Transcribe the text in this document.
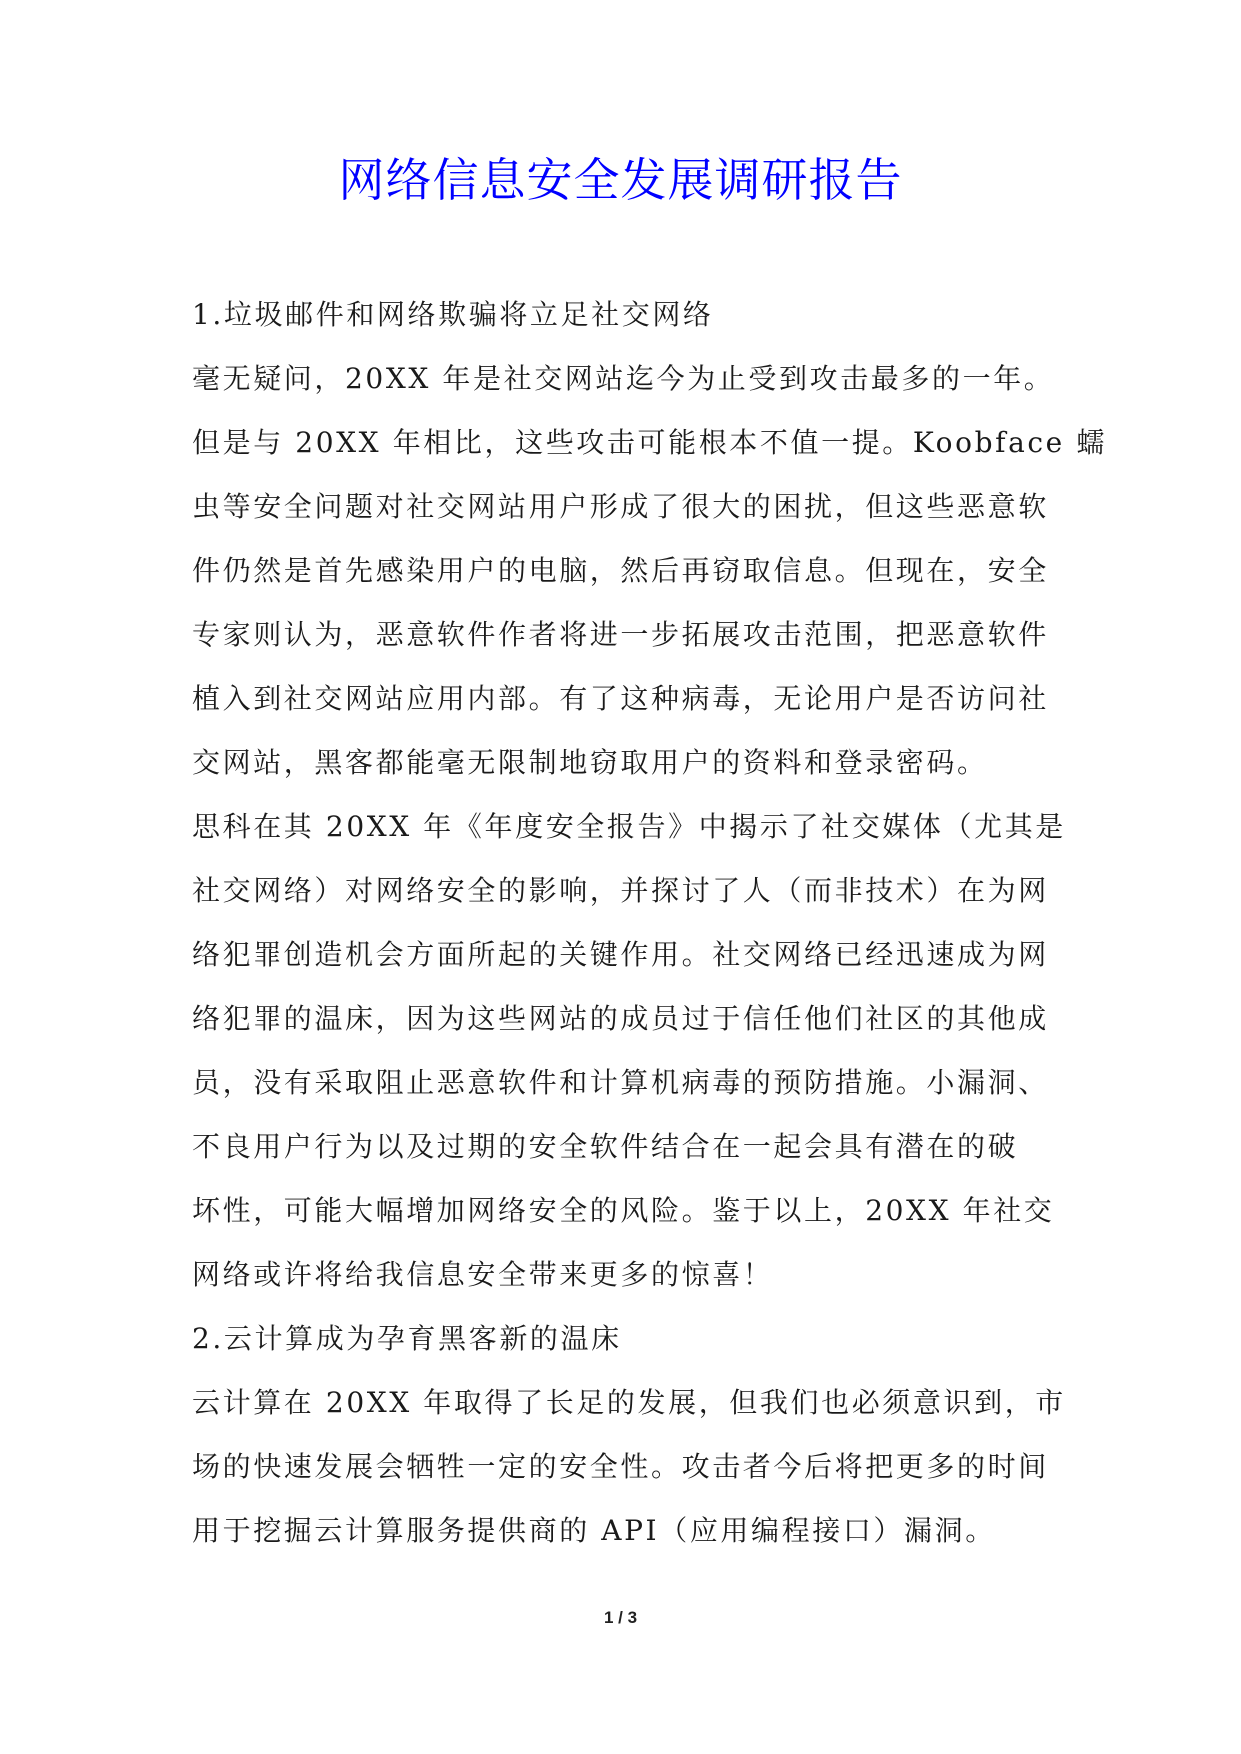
网络信息安全发展调研报告

1.垃圾邮件和网络欺骗将立足社交网络

毫无疑问，20XX 年是社交网站迄今为止受到攻击最多的一年。

但是与 20XX 年相比，这些攻击可能根本不值一提。Koobface 蠕

虫等安全问题对社交网站用户形成了很大的困扰，但这些恶意软

件仍然是首先感染用户的电脑，然后再窃取信息。但现在，安全

专家则认为，恶意软件作者将进一步拓展攻击范围，把恶意软件

植入到社交网站应用内部。有了这种病毒，无论用户是否访问社

交网站，黑客都能毫无限制地窃取用户的资料和登录密码。

思科在其 20XX 年《年度安全报告》中揭示了社交媒体（尤其是

社交网络）对网络安全的影响，并探讨了人（而非技术）在为网

络犯罪创造机会方面所起的关键作用。社交网络已经迅速成为网

络犯罪的温床，因为这些网站的成员过于信任他们社区的其他成

员，没有采取阻止恶意软件和计算机病毒的预防措施。小漏洞、

不良用户行为以及过期的安全软件结合在一起会具有潜在的破

坏性，可能大幅增加网络安全的风险。鉴于以上，20XX 年社交

网络或许将给我信息安全带来更多的惊喜！

2.云计算成为孕育黑客新的温床

云计算在 20XX 年取得了长足的发展，但我们也必须意识到，市

场的快速发展会牺牲一定的安全性。攻击者今后将把更多的时间

用于挖掘云计算服务提供商的 API（应用编程接口）漏洞。

1 / 3
